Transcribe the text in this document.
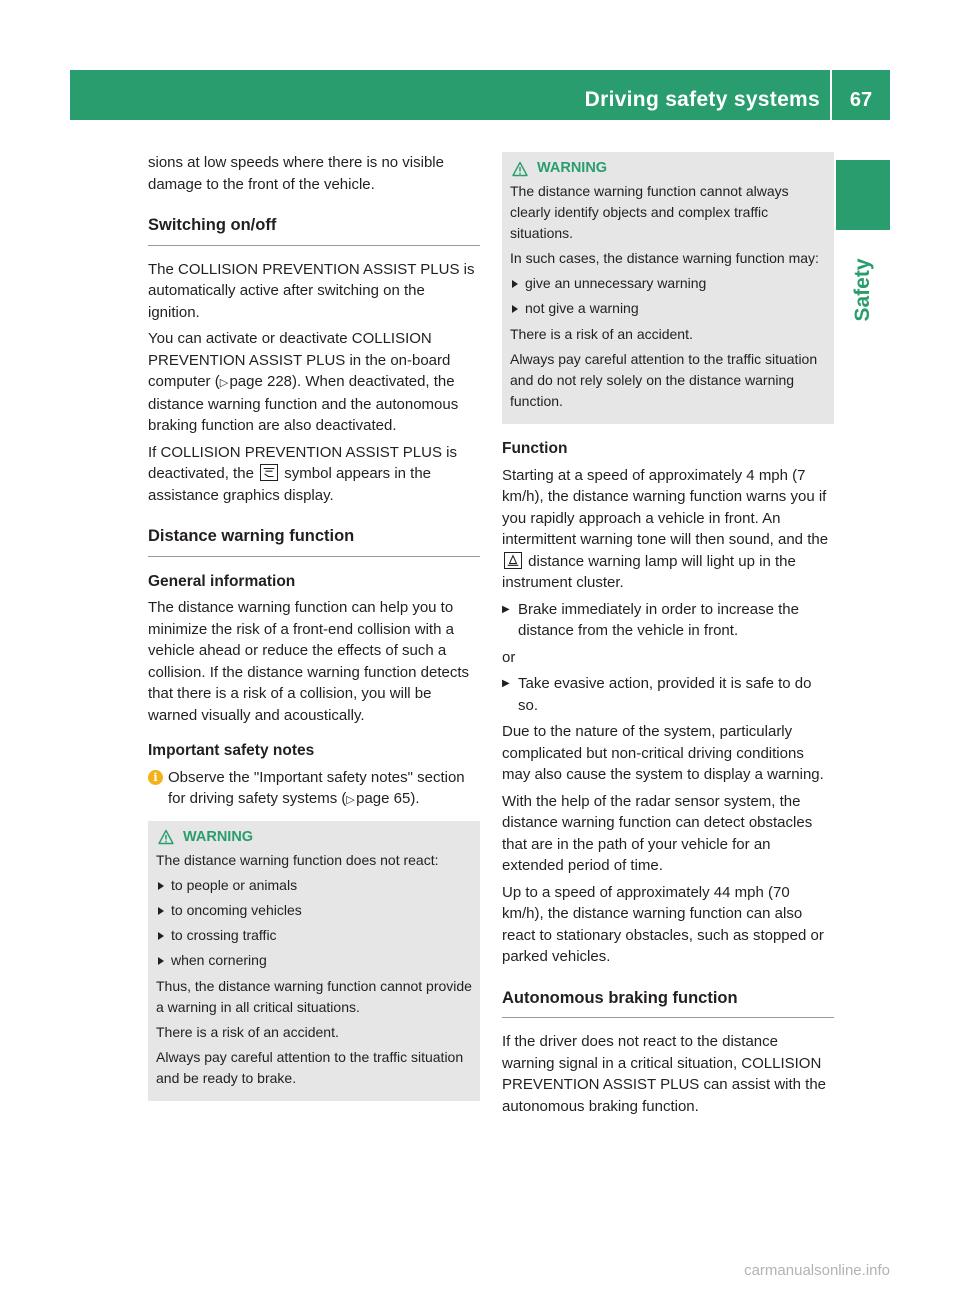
Driving safety systems	67
Safety

sions at low speeds where there is no visible damage to the front of the vehicle.

Switching on/off

The COLLISION PREVENTION ASSIST PLUS is automatically active after switching on the ignition.

You can activate or deactivate COLLISION PREVENTION ASSIST PLUS in the on-board computer (▷ page 228). When deactivated, the distance warning function and the autonomous braking function are also deactivated.

If COLLISION PREVENTION ASSIST PLUS is deactivated, the symbol appears in the assistance graphics display.

Distance warning function
General information

The distance warning function can help you to minimize the risk of a front-end collision with a vehicle ahead or reduce the effects of such a collision. If the distance warning function detects that there is a risk of a collision, you will be warned visually and acoustically.

Important safety notes

i Observe the "Important safety notes" section for driving safety systems (▷ page 65).

WARNING

The distance warning function does not react:

to people or animals
to oncoming vehicles
to crossing traffic
when cornering

Thus, the distance warning function cannot provide a warning in all critical situations.

There is a risk of an accident.

Always pay careful attention to the traffic situation and be ready to brake.

WARNING

The distance warning function cannot always clearly identify objects and complex traffic situations.

In such cases, the distance warning function may:

give an unnecessary warning
not give a warning

There is a risk of an accident.

Always pay careful attention to the traffic situation and do not rely solely on the distance warning function.

Function

Starting at a speed of approximately 4 mph (7 km/h), the distance warning function warns you if you rapidly approach a vehicle in front. An intermittent warning tone will then sound, and the
distance warning lamp will light up in the instrument cluster.

▶ Brake immediately in order to increase the distance from the vehicle in front.

or

▶ Take evasive action, provided it is safe to do so.

Due to the nature of the system, particularly complicated but non-critical driving conditions may also cause the system to display a warning.

With the help of the radar sensor system, the distance warning function can detect obstacles that are in the path of your vehicle for an extended period of time.

Up to a speed of approximately 44 mph (70 km/h), the distance warning function can also react to stationary obstacles, such as stopped or parked vehicles.

Autonomous braking function

If the driver does not react to the distance warning signal in a critical situation, COLLISION PREVENTION ASSIST PLUS can assist with the autonomous braking function.

carmanualsonline.info
